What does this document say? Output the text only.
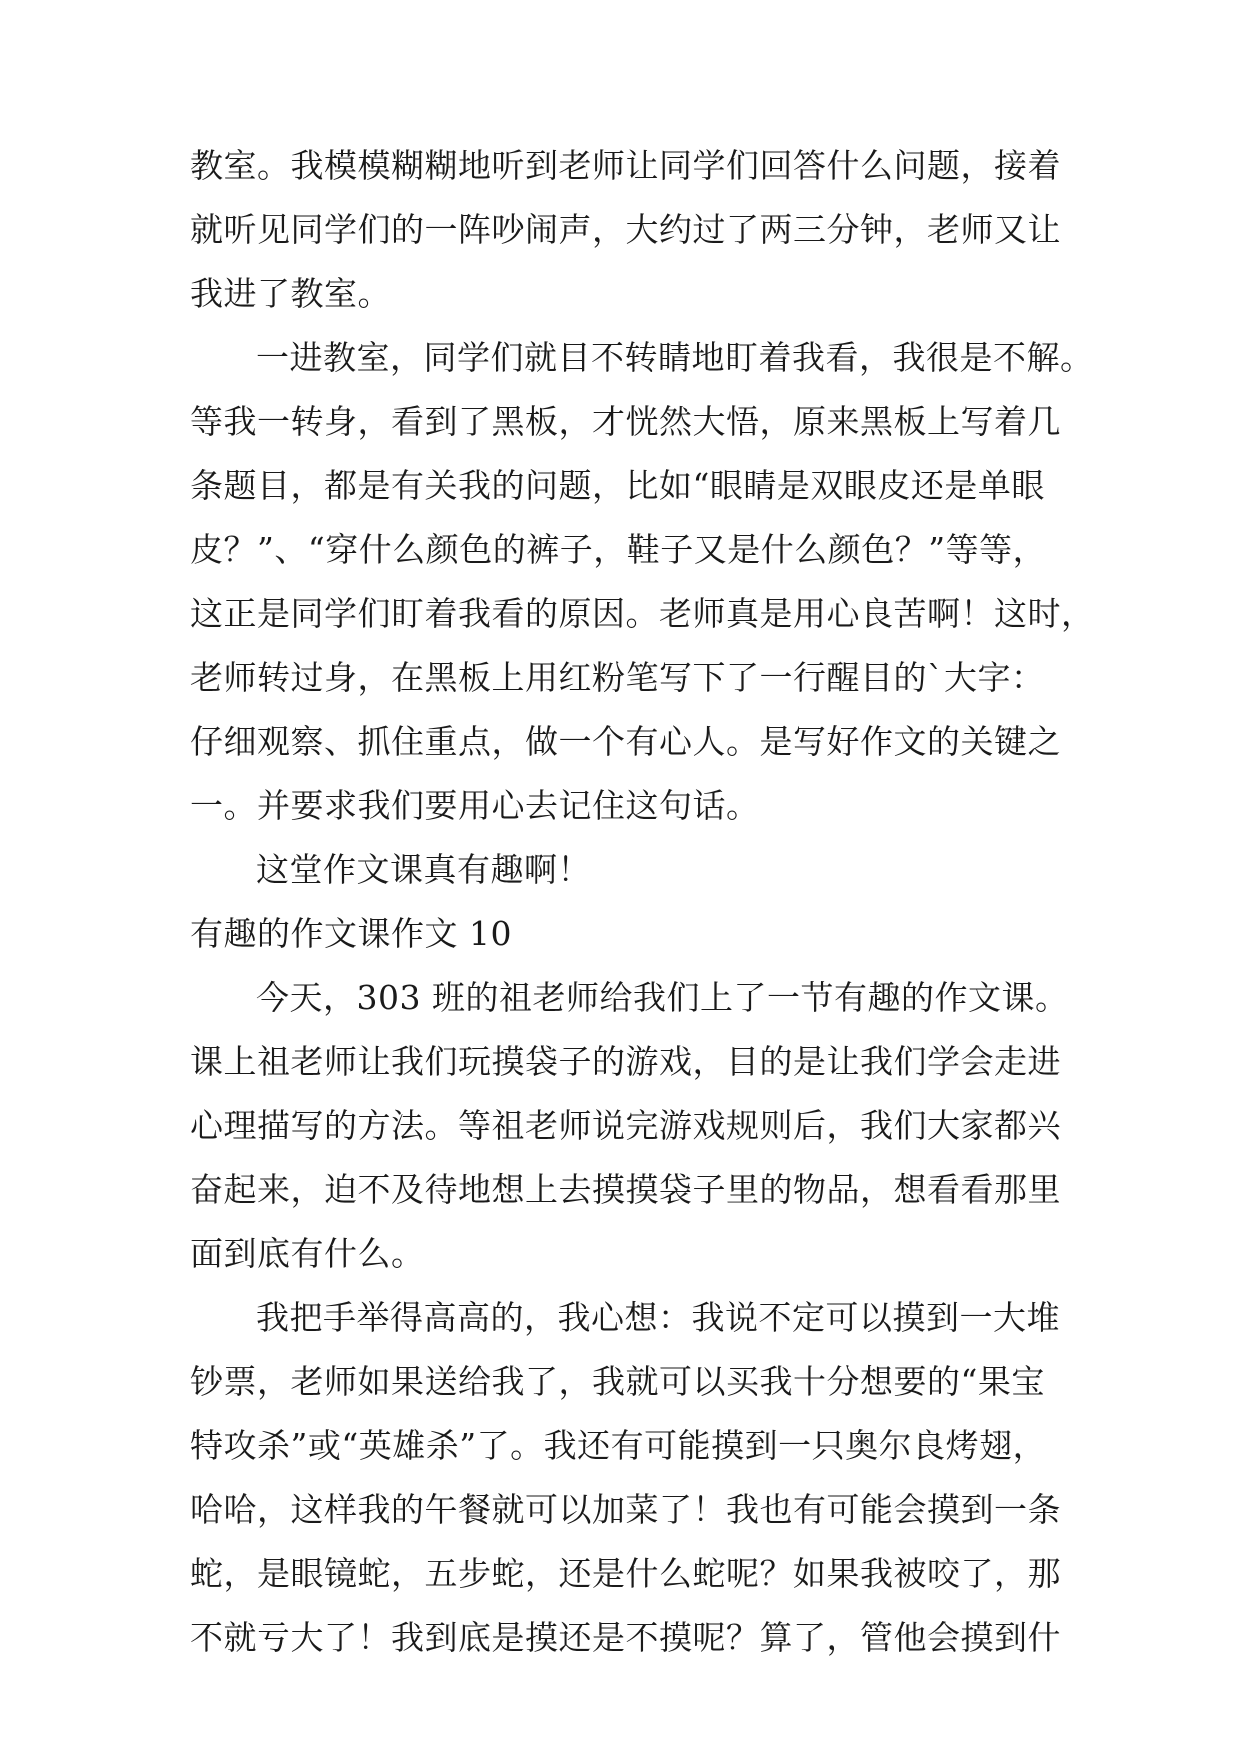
教室。我模模糊糊地听到老师让同学们回答什么问题，接着
就听见同学们的一阵吵闹声，大约过了两三分钟，老师又让
我进了教室。
一进教室，同学们就目不转睛地盯着我看，我很是不解。
等我一转身，看到了黑板，才恍然大悟，原来黑板上写着几
条题目，都是有关我的问题，比如“眼睛是双眼皮还是单眼
皮？”、“穿什么颜色的裤子，鞋子又是什么颜色？”等等，
这正是同学们盯着我看的原因。老师真是用心良苦啊！这时，
老师转过身，在黑板上用红粉笔写下了一行醒目的`大字：
仔细观察、抓住重点，做一个有心人。是写好作文的关键之
一。并要求我们要用心去记住这句话。
这堂作文课真有趣啊！
有趣的作文课作文 10
今天，303 班的祖老师给我们上了一节有趣的作文课。
课上祖老师让我们玩摸袋子的游戏，目的是让我们学会走进
心理描写的方法。等祖老师说完游戏规则后，我们大家都兴
奋起来，迫不及待地想上去摸摸袋子里的物品，想看看那里
面到底有什么。
我把手举得高高的，我心想：我说不定可以摸到一大堆
钞票，老师如果送给我了，我就可以买我十分想要的“果宝
特攻杀”或“英雄杀”了。我还有可能摸到一只奥尔良烤翅，
哈哈，这样我的午餐就可以加菜了！我也有可能会摸到一条
蛇，是眼镜蛇，五步蛇，还是什么蛇呢？如果我被咬了，那
不就亏大了！我到底是摸还是不摸呢？算了，管他会摸到什
